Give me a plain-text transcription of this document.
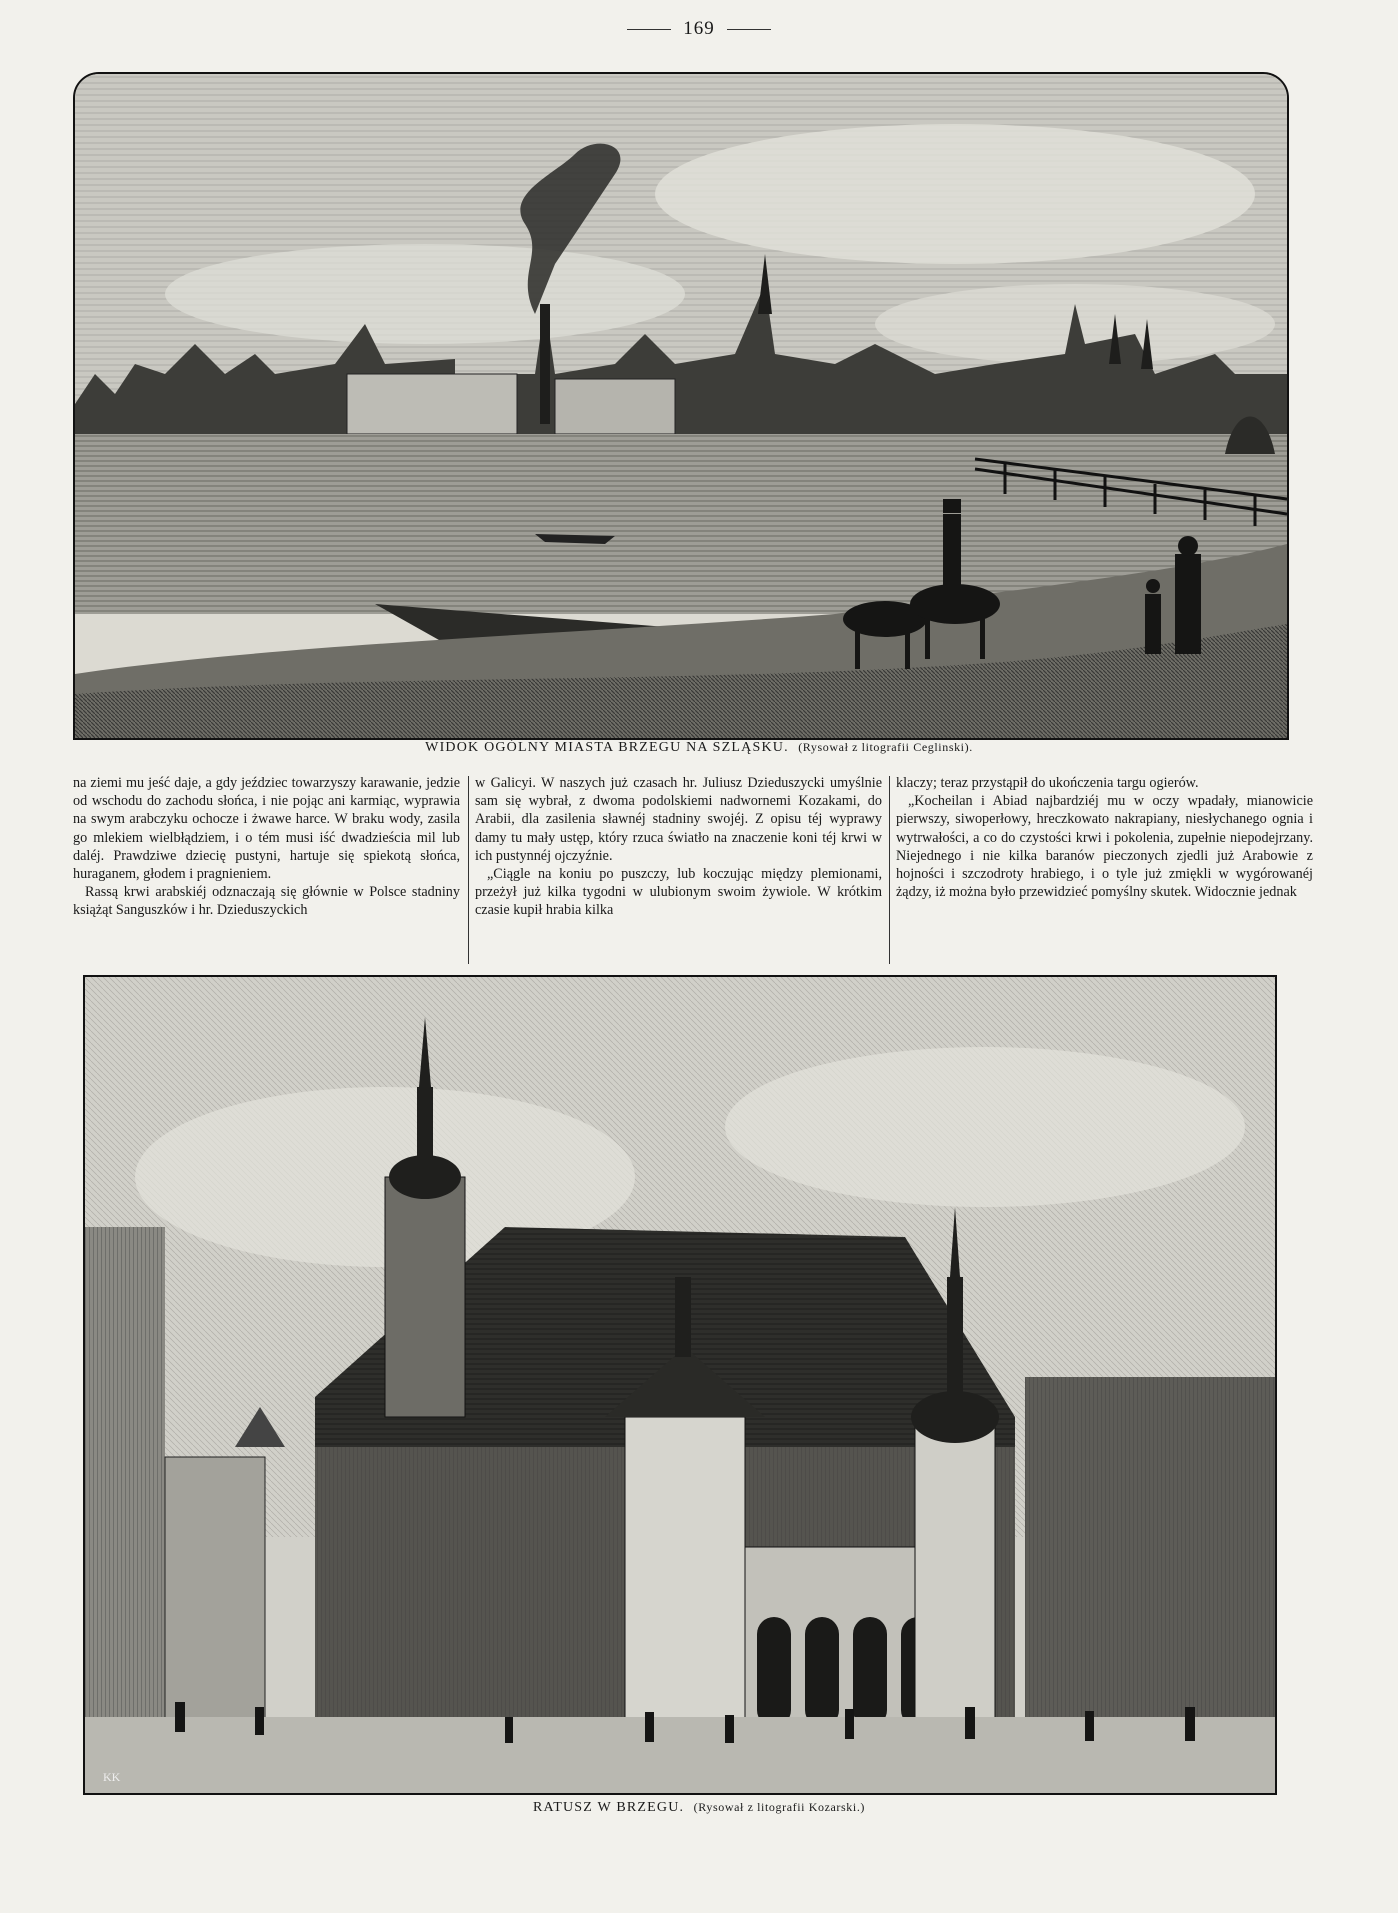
169
WIDOK OGÓLNY MIASTA BRZEGU NA SZLĄSKU. (Rysował z litografii Ceglinski).

na ziemi mu jeść daje, a gdy jeździec towarzyszy karawanie, jedzie od wschodu do zachodu słońca, i nie pojąc ani karmiąc, wyprawia na swym arabczyku ochocze i żwawe harce. W braku wody, zasila go mlekiem wielbłądziem, i o tém musi iść dwadzieścia mil lub daléj. Prawdziwe dziecię pustyni, hartuje się spiekotą słońca, huraganem, głodem i pragnieniem.

Rassą krwi arabskiéj odznaczają się głównie w Polsce stadniny książąt Sanguszków i hr. Dzieduszyckich

w Galicyi. W naszych już czasach hr. Juliusz Dzieduszycki umyślnie sam się wybrał, z dwoma podolskiemi nadwornemi Kozakami, do Arabii, dla zasilenia sławnéj stadniny swojéj. Z opisu téj wyprawy damy tu mały ustęp, który rzuca światło na znaczenie koni téj krwi w ich pustynnéj ojczyźnie.

„Ciągle na koniu po puszczy, lub koczując między plemionami, przeżył już kilka tygodni w ulubionym swoim żywiole. W krótkim czasie kupił hrabia kilka

klaczy; teraz przystąpił do ukończenia targu ogierów.

„Kocheilan i Abiad najbardziéj mu w oczy wpadały, mianowicie pierwszy, siwoperłowy, hreczkowato nakrapiany, niesłychanego ognia i wytrwałości, a co do czystości krwi i pokolenia, zupełnie niepodejrzany. Niejednego i nie kilka baranów pieczonych zjedli już Arabowie z hojności i szczodroty hrabiego, i o tyle już zmiękli w wygórowanéj żądzy, iż można było przewidzieć pomyślny skutek. Widocznie jednak

KK
RATUSZ W BRZEGU. (Rysował z litografii Kozarski.)
